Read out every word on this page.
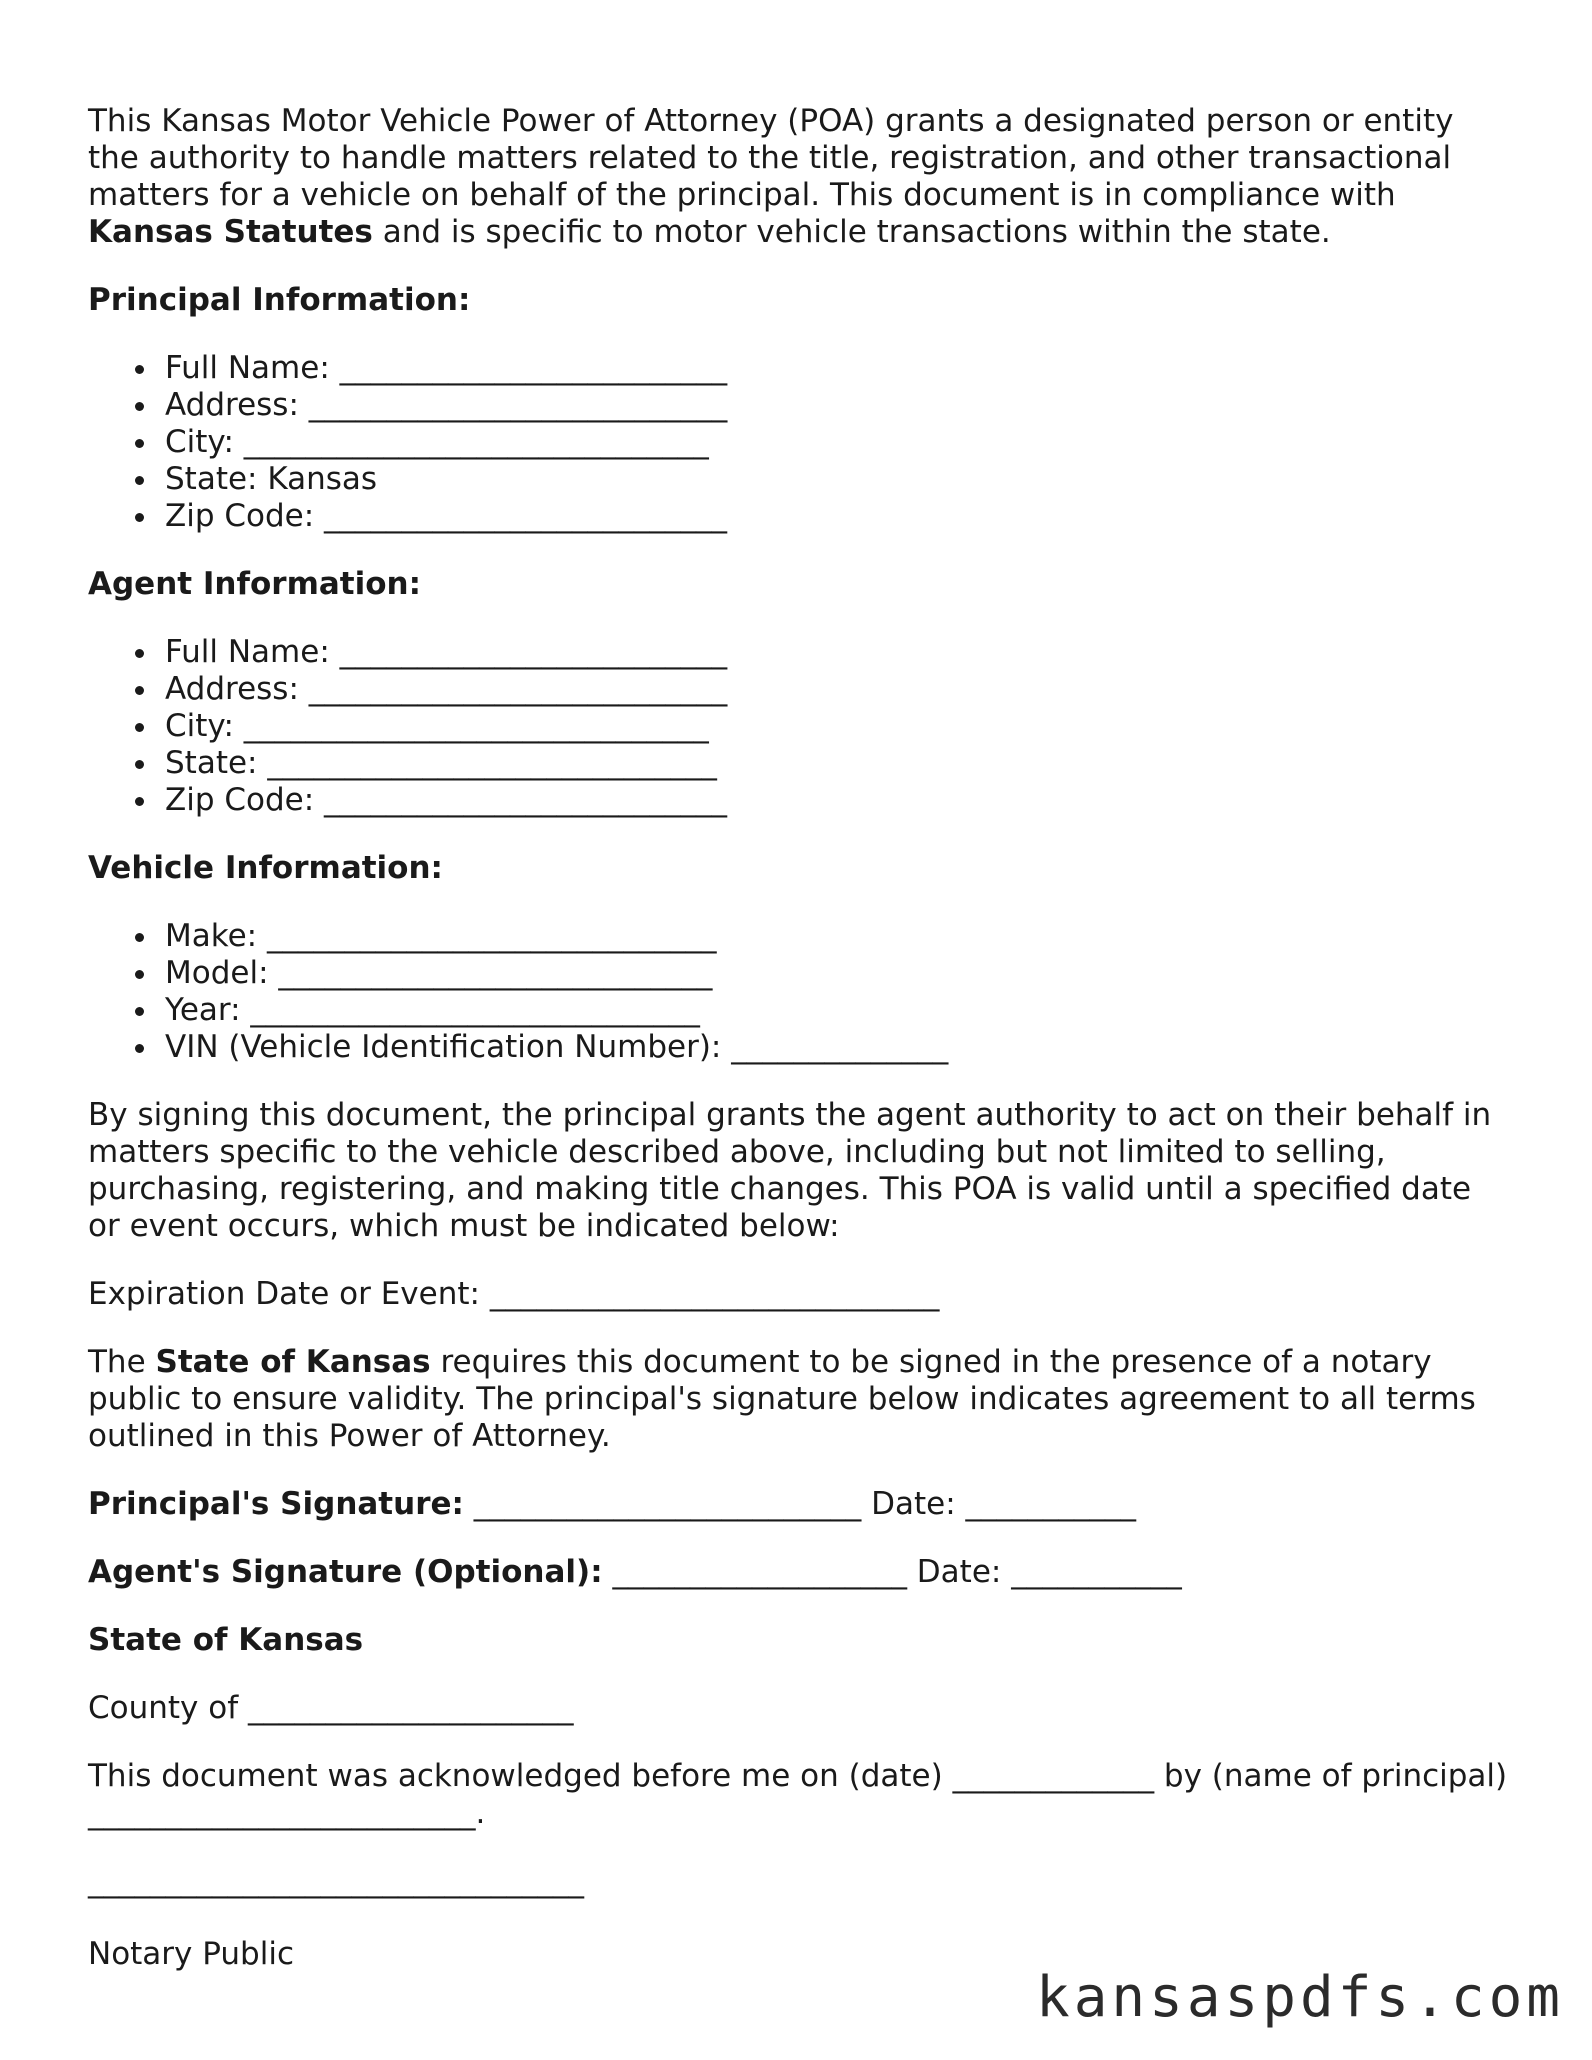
This Kansas Motor Vehicle Power of Attorney (POA) grants a designated person or entity the authority to handle matters related to the title, registration, and other transactional matters for a vehicle on behalf of the principal. This document is in compliance with Kansas Statutes and is specific to motor vehicle transactions within the state.

Principal Information:

Full Name: _________________________
Address: ___________________________
City: ______________________________
State: Kansas
Zip Code: __________________________

Agent Information:

Full Name: _________________________
Address: ___________________________
City: ______________________________
State: _____________________________
Zip Code: __________________________

Vehicle Information:

Make: _____________________________
Model: ____________________________
Year: _____________________________
VIN (Vehicle Identification Number): ______________

By signing this document, the principal grants the agent authority to act on their behalf in matters specific to the vehicle described above, including but not limited to selling, purchasing, registering, and making title changes. This POA is valid until a specified date or event occurs, which must be indicated below:

Expiration Date or Event: _____________________________

The State of Kansas requires this document to be signed in the presence of a notary public to ensure validity. The principal's signature below indicates agreement to all terms outlined in this Power of Attorney.

Principal's Signature: _________________________ Date: ___________

Agent's Signature (Optional): ___________________ Date: ___________

State of Kansas

County of _____________________

This document was acknowledged before me on (date) _____________ by (name of principal) _________________________.

________________________________

Notary Public

kansaspdfs.com
